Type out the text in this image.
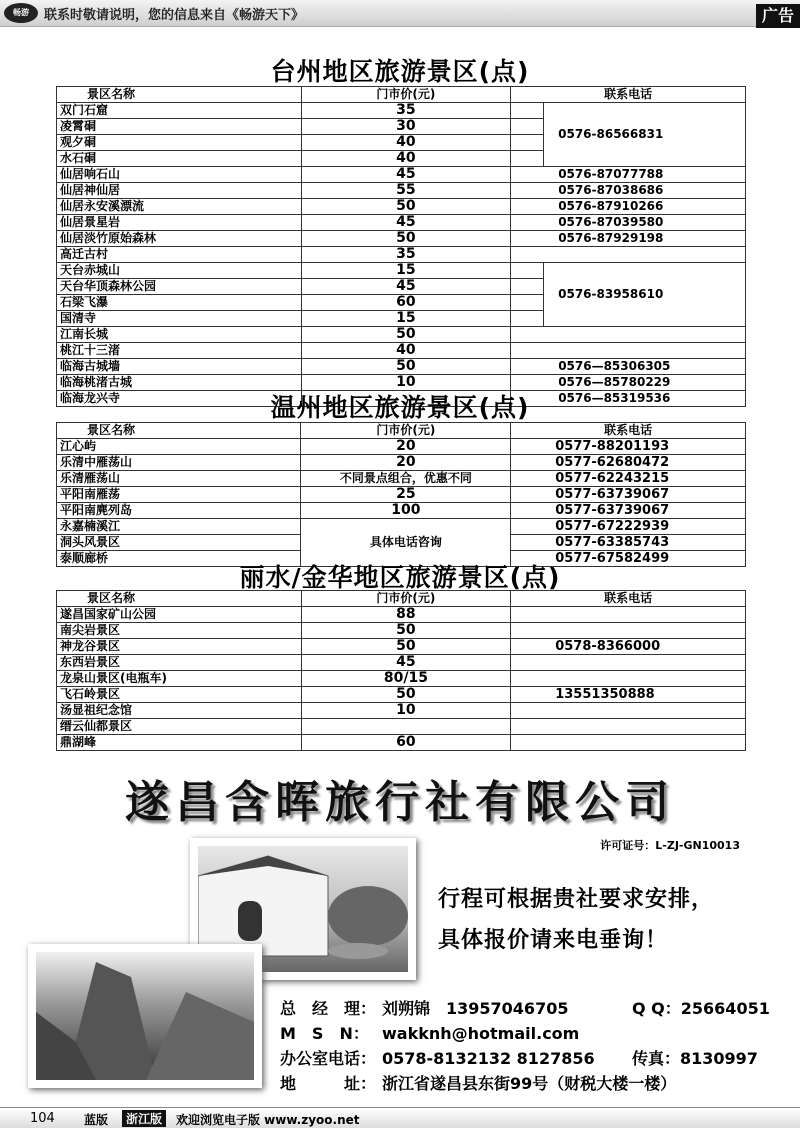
畅游	联系时敬请说明，您的信息来自《畅游天下》	广告
台州地区旅游景区(点)
景区名称	门市价(元)	联系电话	
双门石窟	35		0576-86566831
凌霄硐	30		
观夕硐	40		
水石硐	40		
仙居响石山	45	0576-87077788	
仙居神仙居	55	0576-87038686	
仙居永安溪漂流	50	0576-87910266	
仙居景星岩	45	0576-87039580	
仙居淡竹原始森林	50	0576-87929198	
高迁古村	35		
天台赤城山	15		0576-83958610
天台华顶森林公园	45		
石梁飞瀑	60		
国清寺	15		
江南长城	50		
桃江十三渚	40		
临海古城墙	50	0576—85306305	
临海桃渚古城	10	0576—85780229	
临海龙兴寺		0576—85319536	
温州地区旅游景区(点)
景区名称	门市价(元)	联系电话
江心屿	20	0577-88201193
乐清中雁荡山	20	0577-62680472
乐清雁荡山	不同景点组合，优惠不同	0577-62243215
平阳南雁荡	25	0577-63739067
平阳南麂列岛	100	0577-63739067
永嘉楠溪江	具体电话咨询	0577-67222939
洞头风景区		0577-63385743
泰顺廊桥		0577-67582499
丽水/金华地区旅游景区(点)
景区名称	门市价(元)	联系电话
遂昌国家矿山公园	88	
南尖岩景区	50	
神龙谷景区	50	0578-8366000
东西岩景区	45	
龙泉山景区(电瓶车)	80/15	
飞石岭景区	50	13551350888
汤显祖纪念馆	10	
缙云仙都景区		
鼎湖峰	60	
遂昌含晖旅行社有限公司
许可证号：L-ZJ-GN10013
行程可根据贵社要求安排，
具体报价请来电垂询！
总　经　理： 刘朔锦　13957046705	Q Q：25664051
M　S　N： wakknh@hotmail.com
办公室电话： 0578-8132132 8127856 传真：8130997
地　　　址： 浙江省遂昌县东街99号（财税大楼一楼）
104 蓝版	浙江版	欢迎浏览电子版 www.zyoo.net
